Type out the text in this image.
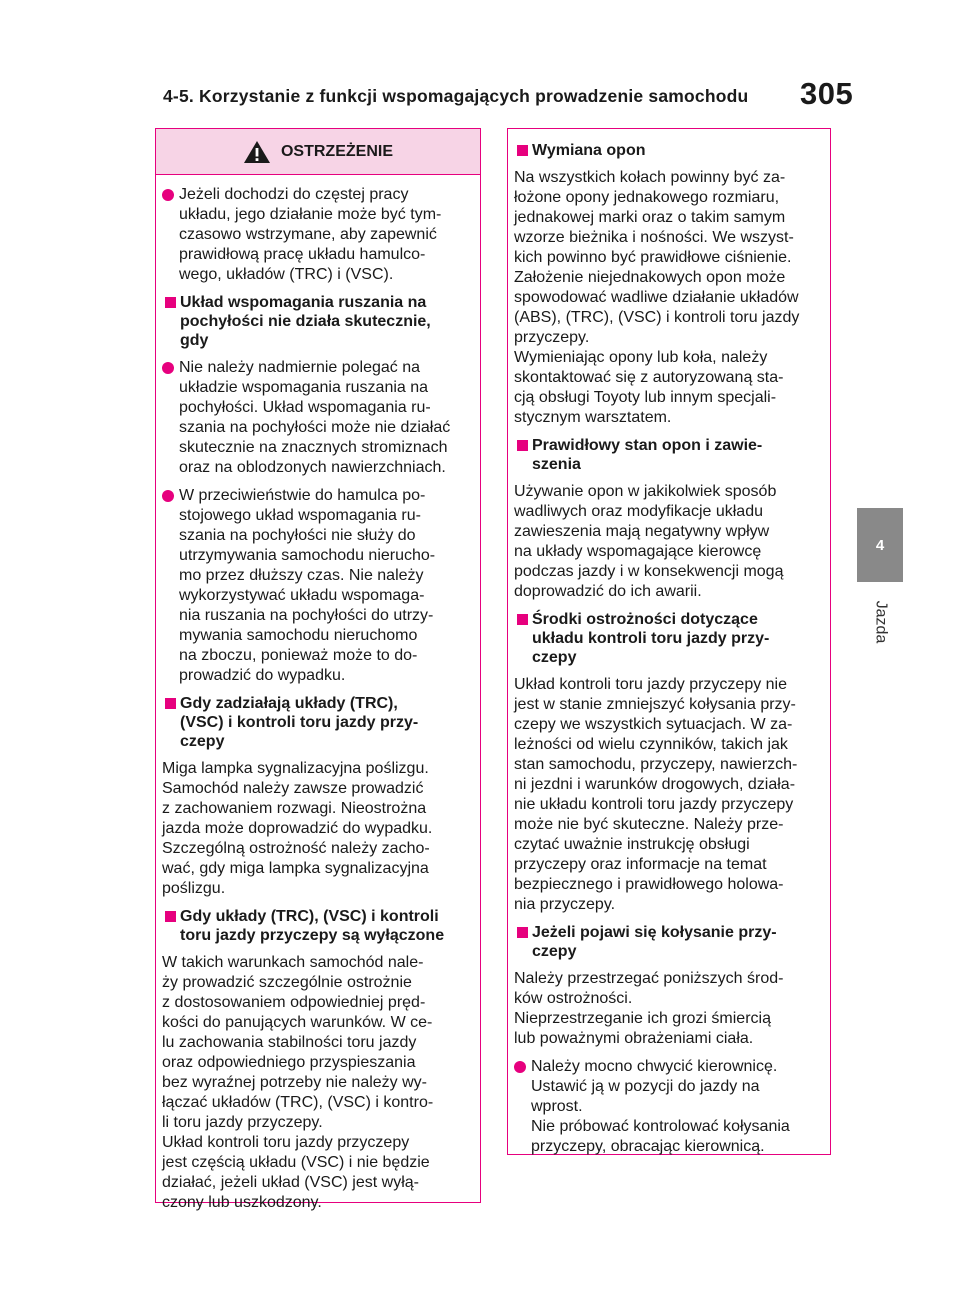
4-5. Korzystanie z funkcji wspomagających prowadzenie samochodu 305
4
Jazda
OSTRZEŻENIE
Jeżeli dochodzi do częstej pracy
układu, jego działanie może być tym-
czasowo wstrzymane, aby zapewnić
prawidłową pracę układu hamulco-
wego, układów (TRC) i (VSC).
Układ wspomagania ruszania na
pochyłości nie działa skutecznie,
gdy
Nie należy nadmiernie polegać na
układzie wspomagania ruszania na
pochyłości. Układ wspomagania ru-
szania na pochyłości może nie działać
skutecznie na znacznych stromiznach
oraz na oblodzonych nawierzchniach.
W przeciwieństwie do hamulca po-
stojowego układ wspomagania ru-
szania na pochyłości nie służy do
utrzymywania samochodu nierucho-
mo przez dłuższy czas. Nie należy
wykorzystywać układu wspomaga-
nia ruszania na pochyłości do utrzy-
mywania samochodu nieruchomo
na zboczu, ponieważ może to do-
prowadzić do wypadku.
Gdy zadziałają układy (TRC),
(VSC) i kontroli toru jazdy przy-
czepy
Miga lampka sygnalizacyjna poślizgu.
Samochód należy zawsze prowadzić
z zachowaniem rozwagi. Nieostrożna
jazda może doprowadzić do wypadku.
Szczególną ostrożność należy zacho-
wać, gdy miga lampka sygnalizacyjna
poślizgu.
Gdy układy (TRC), (VSC) i kontroli
toru jazdy przyczepy są wyłączone
W takich warunkach samochód nale-
ży prowadzić szczególnie ostrożnie
z dostosowaniem odpowiedniej pręd-
kości do panujących warunków. W ce-
lu zachowania stabilności toru jazdy
oraz odpowiedniego przyspieszania
bez wyraźnej potrzeby nie należy wy-
łączać układów (TRC), (VSC) i kontro-
li toru jazdy przyczepy.
Układ kontroli toru jazdy przyczepy
jest częścią układu (VSC) i nie będzie
działać, jeżeli układ (VSC) jest wyłą-
czony lub uszkodzony.
Wymiana opon
Na wszystkich kołach powinny być za-
łożone opony jednakowego rozmiaru,
jednakowej marki oraz o takim samym
wzorze bieżnika i nośności. We wszyst-
kich powinno być prawidłowe ciśnienie.
Założenie niejednakowych opon może
spowodować wadliwe działanie układów
(ABS), (TRC), (VSC) i kontroli toru jazdy
przyczepy.
Wymieniając opony lub koła, należy
skontaktować się z autoryzowaną sta-
cją obsługi Toyoty lub innym specjali-
stycznym warsztatem.
Prawidłowy stan opon i zawie-
szenia
Używanie opon w jakikolwiek sposób
wadliwych oraz modyfikacje układu
zawieszenia mają negatywny wpływ
na układy wspomagające kierowcę
podczas jazdy i w konsekwencji mogą
doprowadzić do ich awarii.
Środki ostrożności dotyczące
układu kontroli toru jazdy przy-
czepy
Układ kontroli toru jazdy przyczepy nie
jest w stanie zmniejszyć kołysania przy-
czepy we wszystkich sytuacjach. W za-
leżności od wielu czynników, takich jak
stan samochodu, przyczepy, nawierzch-
ni jezdni i warunków drogowych, działa-
nie układu kontroli toru jazdy przyczepy
może nie być skuteczne. Należy prze-
czytać uważnie instrukcję obsługi
przyczepy oraz informacje na temat
bezpiecznego i prawidłowego holowa-
nia przyczepy.
Jeżeli pojawi się kołysanie przy-
czepy
Należy przestrzegać poniższych środ-
ków ostrożności.
Nieprzestrzeganie ich grozi śmiercią
lub poważnymi obrażeniami ciała.
Należy mocno chwycić kierownicę.
Ustawić ją w pozycji do jazdy na
wprost.
Nie próbować kontrolować kołysania
przyczepy, obracając kierownicą.
